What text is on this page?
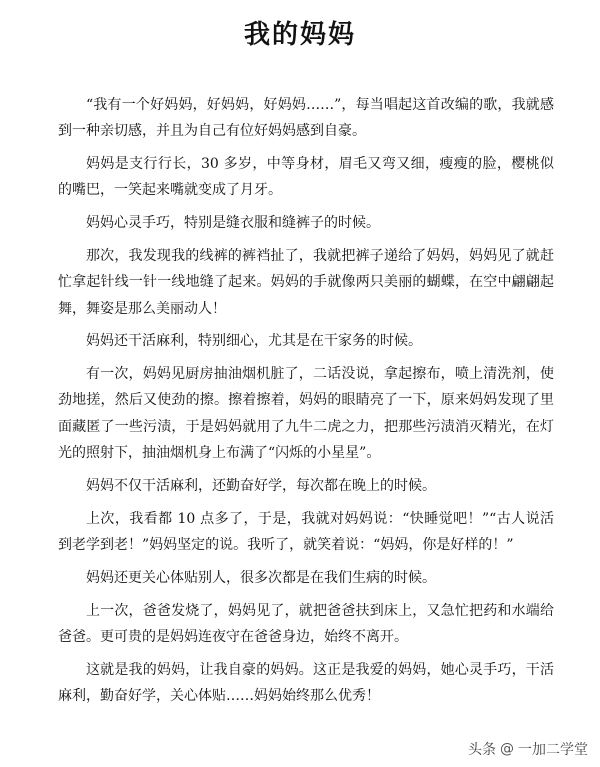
我的妈妈

“我有一个好妈妈，好妈妈，好妈妈……”，每当唱起这首改编的歌，我就感到一种亲切感，并且为自己有位好妈妈感到自豪。

妈妈是支行行长，30 多岁，中等身材，眉毛又弯又细，瘦瘦的脸，樱桃似的嘴巴，一笑起来嘴就变成了月牙。

妈妈心灵手巧，特别是缝衣服和缝裤子的时候。

那次，我发现我的线裤的裤裆扯了，我就把裤子递给了妈妈，妈妈见了就赶忙拿起针线一针一线地缝了起来。妈妈的手就像两只美丽的蝴蝶，在空中翩翩起舞，舞姿是那么美丽动人！

妈妈还干活麻利，特别细心，尤其是在干家务的时候。

有一次，妈妈见厨房抽油烟机脏了，二话没说，拿起擦布，喷上清洗剂，使劲地搓，然后又使劲的擦。擦着擦着，妈妈的眼睛亮了一下，原来妈妈发现了里面藏匿了一些污渍，于是妈妈就用了九牛二虎之力，把那些污渍消灭精光，在灯光的照射下，抽油烟机身上布满了“闪烁的小星星”。

妈妈不仅干活麻利，还勤奋好学，每次都在晚上的时候。

上次，我看都 10 点多了，于是，我就对妈妈说：“快睡觉吧！”“古人说活到老学到老！”妈妈坚定的说。我听了，就笑着说：“妈妈，你是好样的！”

妈妈还更关心体贴别人，很多次都是在我们生病的时候。

上一次，爸爸发烧了，妈妈见了，就把爸爸扶到床上，又急忙把药和水端给爸爸。更可贵的是妈妈连夜守在爸爸身边，始终不离开。

这就是我的妈妈，让我自豪的妈妈。这正是我爱的妈妈，她心灵手巧，干活麻利，勤奋好学，关心体贴……妈妈始终那么优秀！

头条 @ 一加二学堂
